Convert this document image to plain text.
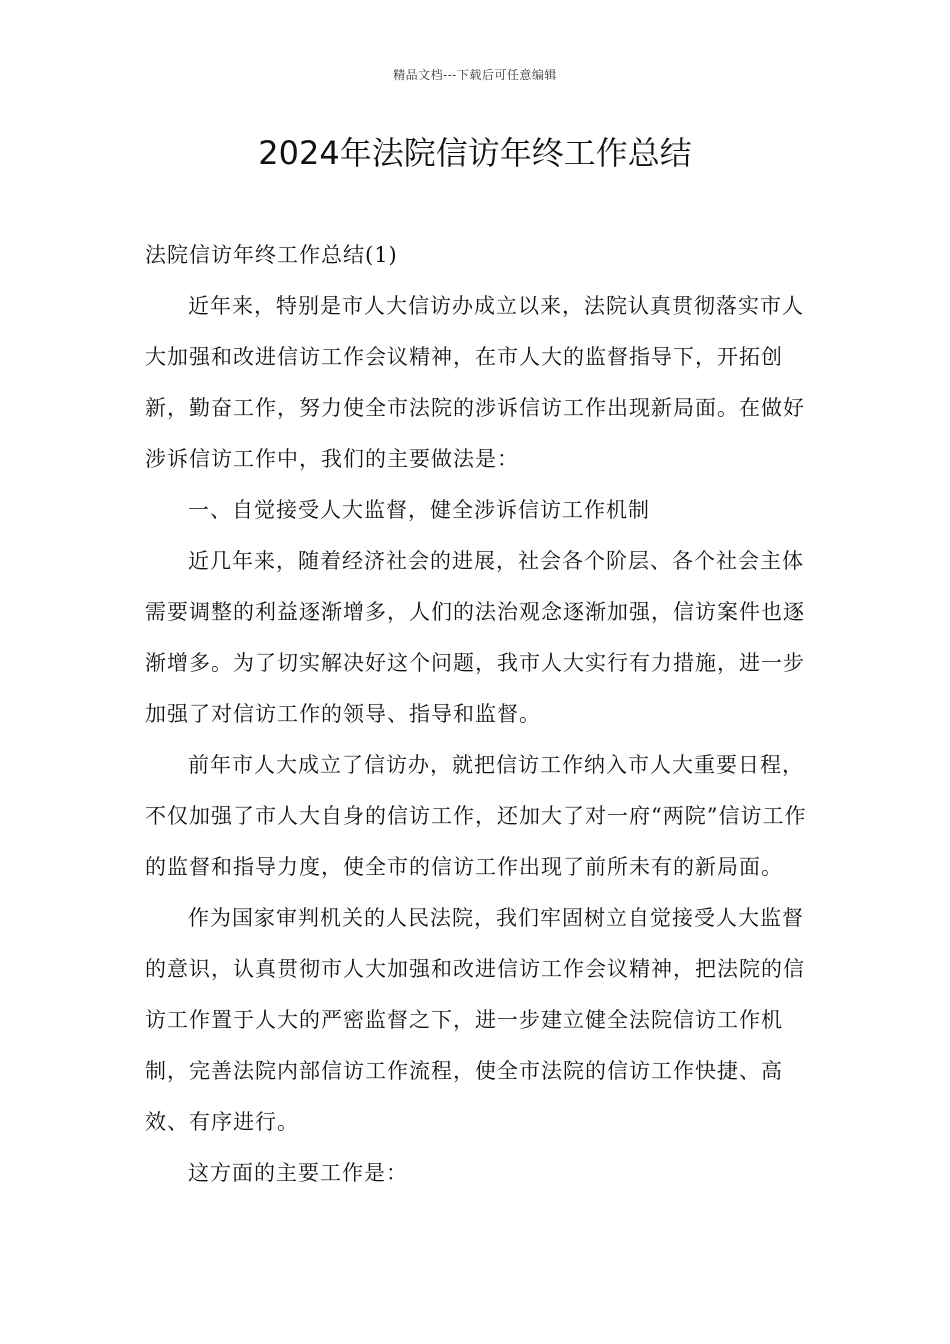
精品文档---下载后可任意编辑
2024年法院信访年终工作总结

法院信访年终工作总结(1)

近年来，特别是市人大信访办成立以来，法院认真贯彻落实市人大加强和改进信访工作会议精神，在市人大的监督指导下，开拓创新，勤奋工作，努力使全市法院的涉诉信访工作出现新局面。在做好涉诉信访工作中，我们的主要做法是：

一、自觉接受人大监督，健全涉诉信访工作机制

近几年来，随着经济社会的进展，社会各个阶层、各个社会主体需要调整的利益逐渐增多，人们的法治观念逐渐加强，信访案件也逐渐增多。为了切实解决好这个问题，我市人大实行有力措施，进一步加强了对信访工作的领导、指导和监督。

前年市人大成立了信访办，就把信访工作纳入市人大重要日程，不仅加强了市人大自身的信访工作，还加大了对一府“两院”信访工作的监督和指导力度，使全市的信访工作出现了前所未有的新局面。

作为国家审判机关的人民法院，我们牢固树立自觉接受人大监督的意识，认真贯彻市人大加强和改进信访工作会议精神，把法院的信访工作置于人大的严密监督之下，进一步建立健全法院信访工作机制，完善法院内部信访工作流程，使全市法院的信访工作快捷、高效、有序进行。

这方面的主要工作是：
